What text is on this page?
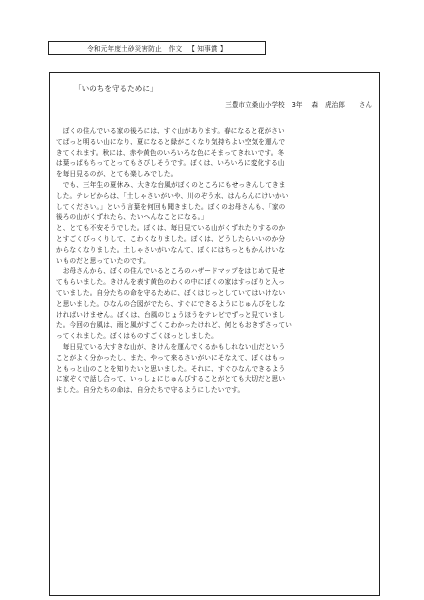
令和元年度土砂災害防止　作文 【 知事賞 】
「いのちを守るために」
三豊市立桑山小学校 3年 森 虎治郎 さん
　ぼくの住んでいる家の後ろには、すぐ山があります。春になると花がさい
てぱっと明るい山になり、夏になると緑がこくなり気持ちよい空気を運んで
きてくれます。秋には、赤や黄色のいろいろな色にそまってきれいです。冬
は葉っぱもちってとってもさびしそうです。ぼくは、いろいろに変化する山
を毎日見るのが、とても楽しみでした。
　でも、三年生の夏休み、大きな台風がぼくのところにもせっきんしてきま
した。テレビからは、「土しゃさいがいや、川のぞう水、はんらんにけいかい
してください。」という言葉を何回も聞きました。ぼくのお母さんも、「家の
後ろの山がくずれたら、たいへんなことになる。」
と、とても不安そうでした。ぼくは、毎日見ている山がくずれたりするのか
とすごくびっくりして、こわくなりました。ぼくは、どうしたらいいのか分
からなくなりました。土しゃさいがいなんて、ぼくにはちっともかんけいな
いものだと思っていたのです。
　お母さんから、ぼくの住んでいるところのハザードマップをはじめて見せ
てもらいました。きけんを表す黄色のわくの中にぼくの家はすっぽりと入っ
ていました。自分たちの命を守るために、ぼくはじっとしていてはいけない
と思いました。ひなんの合図がでたら、すぐにできるようにじゅんびをしな
ければいけません。ぼくは、台風のじょうほうをテレビでずっと見ていまし
た。今回の台風は、雨と風がすごくこわかったけれど、何ともおきずさってい
ってくれました。ぼくはものすごくほっとしました。
　毎日見ている大すきな山が、きけんを運んでくるかもしれない山だという
ことがよく分かったし、また、やって来るさいがいにそなえて、ぼくはもっ
ともっと山のことを知りたいと思いました。それに、すぐひなんできるよう
に家ぞくで話し合って、いっしょにじゅんびすることがとても大切だと思い
ました。自分たちの命は、自分たちで守るようにしたいです。
